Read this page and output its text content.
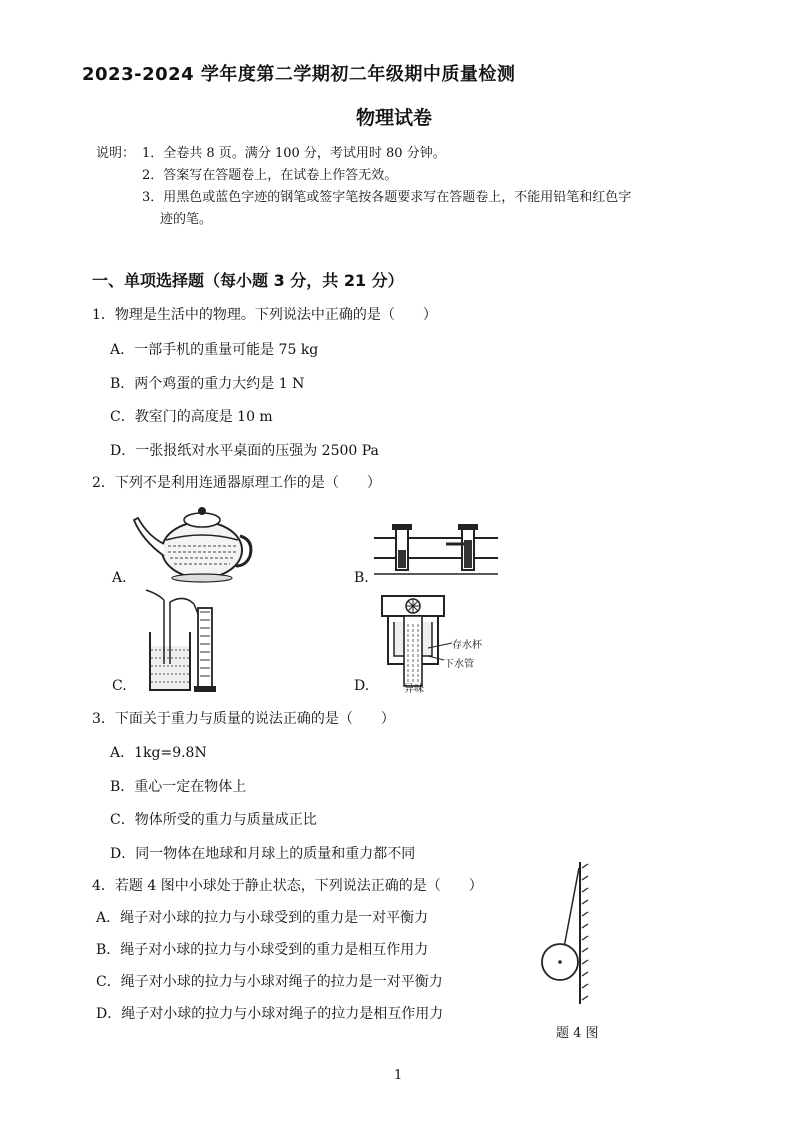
2023-2024 学年度第二学期初二年级期中质量检测
物理试卷
说明： 1．全卷共 8 页。满分 100 分，考试用时 80 分钟。
2．答案写在答题卷上，在试卷上作答无效。
3．用黑色或蓝色字迹的钢笔或签字笔按各题要求写在答题卷上，不能用铅笔和红色字
迹的笔。
一、单项选择题（每小题 3 分，共 21 分）
1．物理是生活中的物理。下列说法中正确的是（　　）
A．一部手机的重量可能是 75 kg
B．两个鸡蛋的重力大约是 1 N
C．教室门的高度是 10 m
D．一张报纸对水平桌面的压强为 2500 Pa
2．下列不是利用连通器原理工作的是（　　）
A.	B.
C.
存水杯
下水管
异味
D.
3．下面关于重力与质量的说法正确的是（　　）
A．1kg=9.8N
B．重心一定在物体上
C．物体所受的重力与质量成正比
D．同一物体在地球和月球上的质量和重力都不同
4．若题 4 图中小球处于静止状态，下列说法正确的是（　　）
A．绳子对小球的拉力与小球受到的重力是一对平衡力
B．绳子对小球的拉力与小球受到的重力是相互作用力
C．绳子对小球的拉力与小球对绳子的拉力是一对平衡力
D．绳子对小球的拉力与小球对绳子的拉力是相互作用力
题 4 图
1
